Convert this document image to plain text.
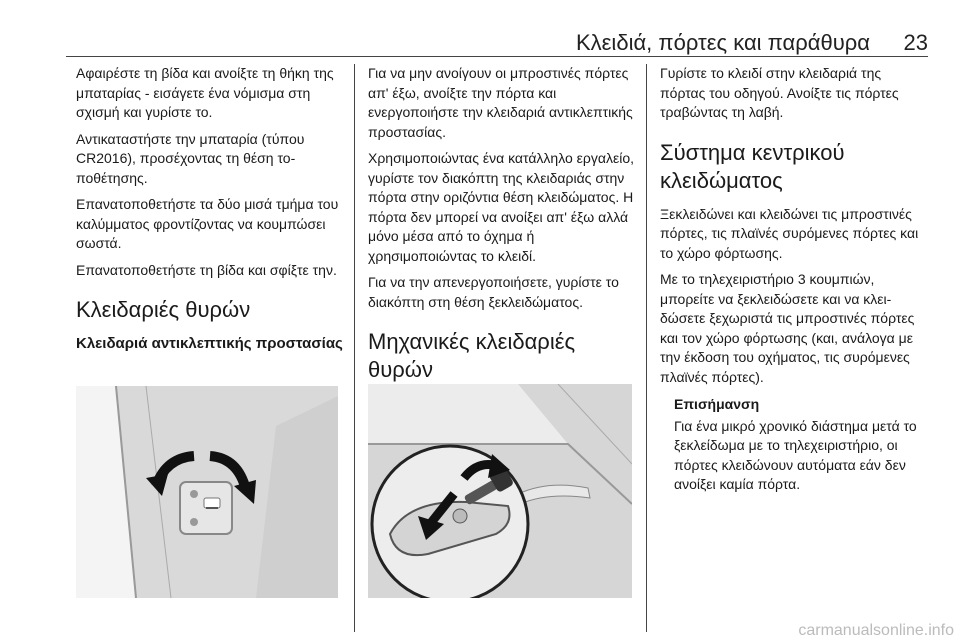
Κλειδιά, πόρτες και παράθυρα 23

Αφαιρέστε τη βίδα και ανοίξτε τη θήκη της μπαταρίας - εισάγετε ένα νόμισμα στη σχισμή και γυρίστε το.

Αντικαταστήστε την μπαταρία (τύπου CR2016), προσέχοντας τη θέση τοποθέτησης.

Επανατοποθετήστε τα δύο μισά τμήμα του καλύμματος φροντίζοντας να κουμπώσει σωστά.

Επανατοποθετήστε τη βίδα και σφίξτε την.

Κλειδαριές θυρών
Κλειδαριά αντικλεπτικής προστασίας

Για να μην ανοίγουν οι μπροστινές πόρτες απ' έξω, ανοίξτε την πόρτα και ενεργοποιήστε την κλειδαριά αντικλεπτικής προστασίας.

Χρησιμοποιώντας ένα κατάλληλο εργαλείο, γυρίστε τον διακόπτη της κλειδαριάς στην πόρτα στην οριζόντια θέση κλειδώματος. Η πόρτα δεν μπορεί να ανοίξει απ' έξω αλλά μόνο μέσα από το όχημα ή χρησιμοποιώντας το κλειδί.

Για να την απενεργοποιήσετε, γυρίστε το διακόπτη στη θέση ξεκλειδώματος.

Μηχανικές κλειδαριές θυρών

Γυρίστε το κλειδί στην κλειδαριά της πόρτας του οδηγού. Ανοίξτε τις πόρτες τραβώντας τη λαβή.

Σύστημα κεντρικού κλειδώματος

Ξεκλειδώνει και κλειδώνει τις μπροστινές πόρτες, τις πλαϊνές συρόμενες πόρτες και το χώρο φόρτωσης.

Με το τηλεχειριστήριο 3 κουμπιών, μπορείτε να ξεκλειδώσετε και να κλειδώσετε ξεχωριστά τις μπροστινές πόρτες και τον χώρο φόρτωσης (και, ανάλογα με την έκδοση του οχήματος, τις συρόμενες πλαϊνές πόρτες).

Επισήμανση

Για ένα μικρό χρονικό διάστημα μετά το ξεκλείδωμα με το τηλεχειριστήριο, οι πόρτες κλειδώνουν αυτόματα εάν δεν ανοίξει καμία πόρτα.

carmanualsonline.info
